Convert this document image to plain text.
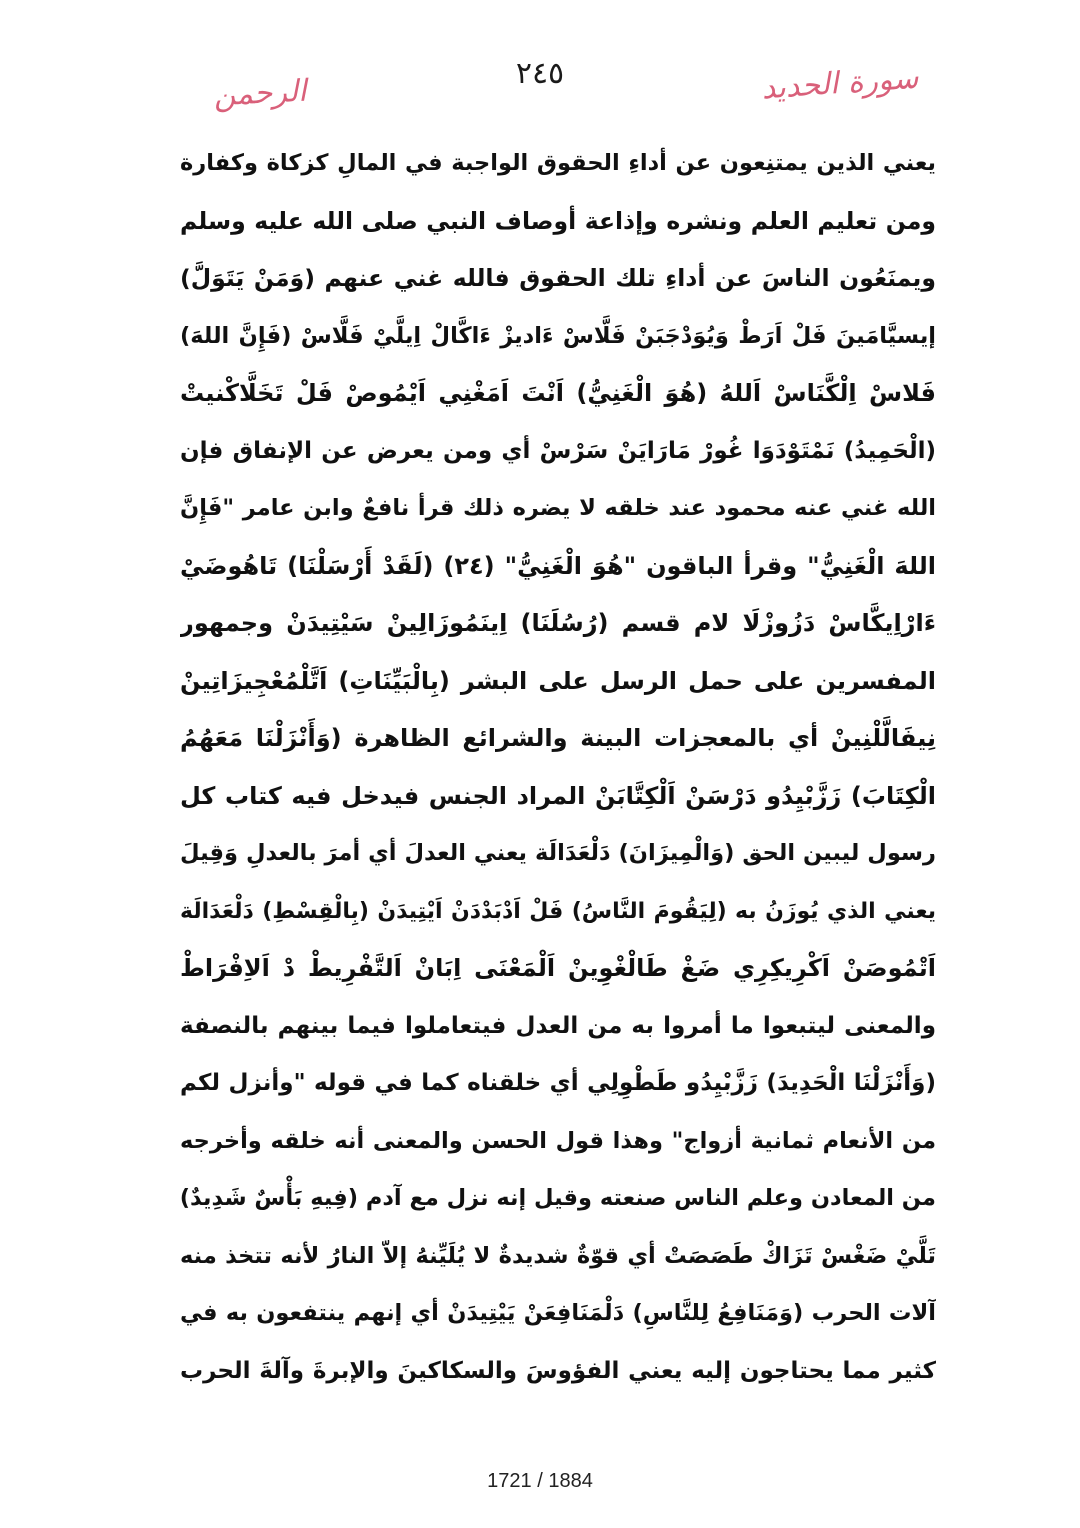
سورة الحديد
٢٤٥
الرحمن
يعني الذين يمتنِعون عن أداءِ الحقوق الواجبة في المالِ كزكاة وكفارة
ومن تعليم العلم ونشره وإذاعة أوصاف النبي صلى الله عليه وسلم
ويمنَعُون الناسَ عن أداءِ تلك الحقوق فالله غني عنهم (وَمَنْ يَتَوَلَّ)
إيسيَّامَينَ فَلْ اَرَطْ وَيُوَدْجَبَنْ فَلَّاسْ ءَاديزْ ءَاكَّالْ اِيلَّيْ فَلَّاسْ (فَإِنَّ اللهَ)
فَلاسْ اِلْكَّنَاسْ اَللهُ (هُوَ الْغَنِيُّ) اَنْتَ اَمَغْنِي اَيْمُوصْ فَلْ تَخَلَّاكْنيتْ
(الْحَمِيدُ) نَمْتَوْدَوَا غُورْ مَارَايَنْ سَرْسْ أي ومن يعرض عن الإنفاق فإن
الله غني عنه محمود عند خلقه لا يضره ذلك قرأ نافعٌ وابن عامر "فَإِنَّ
اللهَ الْغَنِيُّ" وقرأ الباقون "هُوَ الْغَنِيُّ" (٢٤) (لَقَدْ أَرْسَلْنَا) تَاهُوضَيْ
ءَارْاِيكَّاسْ دَزُوزْلَا لام قسم (رُسُلَنَا) اِينَمُوزَالِينْ سَيْتِيدَنْ وجمهور
المفسرين على حمل الرسل على البشر (بِالْبَيِّنَاتِ) اَتَّلْمُعْجِيزَاتِينْ
نِيفَالَّلْنِينْ أي بالمعجزات البينة والشرائع الظاهرة (وَأَنْزَلْنَا مَعَهُمُ
الْكِتَابَ) زَزَّبْيِدُو دَرْسَنْ اَلْكِتَّابَنْ المراد الجنس فيدخل فيه كتاب كل
رسول ليبين الحق (وَالْمِيزَانَ) دَلْعَدَالَة يعني العدلَ أي أمرَ بالعدلِ وَقِيلَ
يعني الذي يُوزَنُ به (لِيَقُومَ النَّاسُ) فَلْ اَدْبَدْدَنْ اَيْتِيدَنْ (بِالْقِسْطِ) دَلْعَدَالَة
اَتْمُوصَنْ اَكْرِيكِرِي ضَغْ طَالْغْوِينْ اَلْمَعْنَى اِبَانْ اَلتَّفْرِيطْ دْ اَلاِفْرَاطْ
والمعنى ليتبعوا ما أمروا به من العدل فيتعاملوا فيما بينهم بالنصفة
(وَأَنْزَلْنَا الْحَدِيدَ) زَزَّبْيِدُو طَطْوِلِي أي خلقناه كما في قوله "وأنزل لكم
من الأنعام ثمانية أزواج" وهذا قول الحسن والمعنى أنه خلقه وأخرجه
من المعادن وعلم الناس صنعته وقيل إنه نزل مع آدم (فِيهِ بَأْسٌ شَدِيدٌ)
تَلَّيْ ضَغْسْ تَزَاكْ طَصَصَتْ أي قوّةٌ شديدةٌ لا يُلَيِّنهُ إلاّ النارُ لأنه تتخذ منه
آلات الحرب (وَمَنَافِعُ لِلنَّاسِ) دَلْمَنَافِعَنْ يَيْتِيدَنْ أي إنهم ينتفعون به في
كثير مما يحتاجون إليه يعني الفؤوسَ والسكاكينَ والإبرةَ وآلةَ الحرب
1721 / 1884
